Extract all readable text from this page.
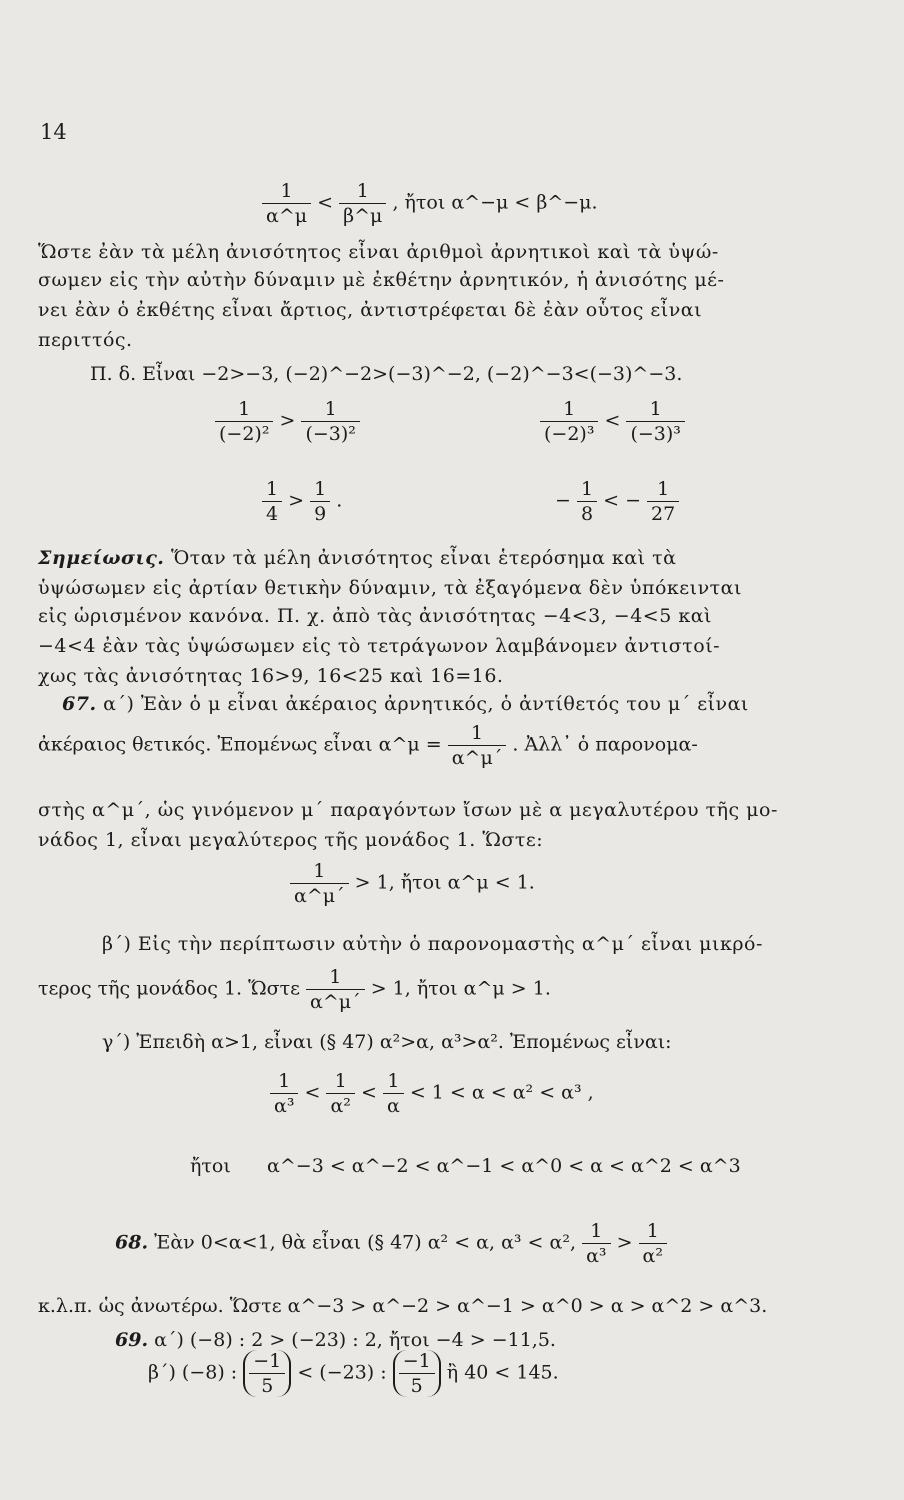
14
$\frac{1}{\alpha\^{}\mu} < \frac{1}{\beta\^{}\mu}$ , ἤτοι α^−μ < β^−μ.
Ὥστε ἐὰν τὰ μέλη ἀνισότητος εἶναι ἀριθμοὶ ἀρνητικοὶ καὶ τὰ ὑψώ-
σωμεν εἰς τὴν αὐτὴν δύναμιν μὲ ἐκθέτην ἀρνητικόν, ἡ ἀνισότης μέ-
νει ἐὰν ὁ ἐκθέτης εἶναι ἄρτιος, ἀντιστρέφεται δὲ ἐὰν οὗτος εἶναι
περιττός.
Π. δ. Εἶναι −2>−3, (−2)^−2>(−3)^−2, (−2)^−3<(−3)^−3.
$\frac{1}{\text{(−2)²}} > \frac{1}{\text{(−3)²}}$	$\frac{1}{\text{(−2)³}} < \frac{1}{\text{(−3)³}}$
$\frac{1}{4} > \frac{1}{9}$ .	− $\frac{1}{8}$ < − $\frac{1}{27}$
Σημείωσις. Ὅταν τὰ μέλη ἀνισότητος εἶναι ἑτερόσημα καὶ τὰ
ὑψώσωμεν εἰς ἀρτίαν θετικὴν δύναμιν, τὰ ἐξαγόμενα δὲν ὑπόκεινται
εἰς ὡρισμένον κανόνα. Π. χ. ἀπὸ τὰς ἀνισότητας −4<3, −4<5 καὶ
−4<4 ἐὰν τὰς ὑψώσωμεν εἰς τὸ τετράγωνον λαμβάνομεν ἀντιστοί-
χως τὰς ἀνισότητας 16>9, 16<25 καὶ 16=16.
67. α΄) Ἐὰν ὁ μ εἶναι ἀκέραιος ἀρνητικός, ὁ ἀντίθετός του μ΄ εἶναι
ἀκέραιος θετικός. Ἐπομένως εἶναι α^μ = $\frac{1}{\alpha\^{}\mu΄}$ . Ἀλλ᾽ ὁ παρονομα-
στὴς α^μ΄, ὡς γινόμενον μ΄ παραγόντων ἴσων μὲ α μεγαλυτέρου τῆς μο-
νάδος 1, εἶναι μεγαλύτερος τῆς μονάδος 1. Ὥστε:
$\frac{1}{\alpha\^{}\mu΄} > 1$, ἤτοι α^μ < 1.
β΄) Εἰς τὴν περίπτωσιν αὐτὴν ὁ παρονομαστὴς α^μ΄ εἶναι μικρό-
τερος τῆς μονάδος 1. Ὥστε $\frac{1}{\alpha\^{}\mu΄} > 1$, ἤτοι α^μ > 1.
γ΄) Ἐπειδὴ α>1, εἶναι (§ 47) α²>α, α³>α². Ἐπομένως εἶναι:
$\frac{1}{\text{α³}} < \frac{1}{\text{α²}} < \frac{1}{\alpha} < 1 < \alpha < \alpha^2 < \alpha^3$ ,
ἤτοι α^−3 < α^−2 < α^−1 < α^0 < α < α^2 < α^3
68. Ἐὰν 0<α<1, θὰ εἶναι (§ 47) α² < α, α³ < α², $\frac{1}{\text{α³}} > \frac{1}{\text{α²}}$
κ.λ.π. ὡς ἀνωτέρω. Ὥστε α^−3 > α^−2 > α^−1 > α^0 > α > α^2 > α^3.
69. α΄) (−8) : 2 > (−23) : 2, ἤτοι −4 > −11,5.
β΄) (−8) : $\frac{-1}{5} < (-23)$ : $\frac{-1}{5}$ ἢ 40 < 145.
